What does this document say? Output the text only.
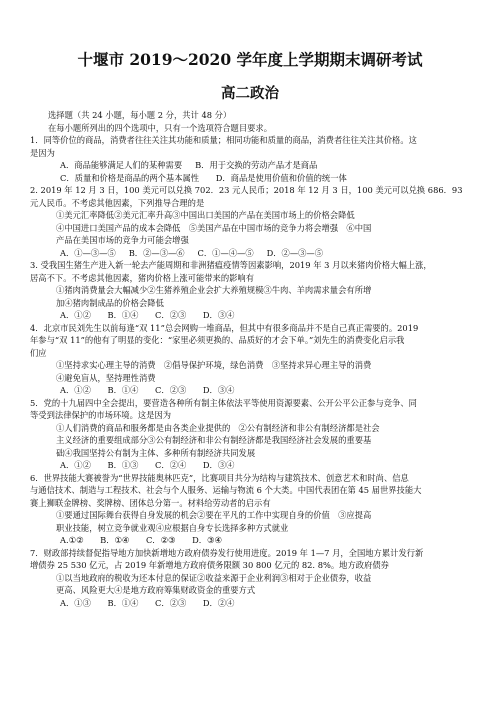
十堰市 2019～2020 学年度上学期期末调研考试
高二政治
选择题（共 24 小题，每小题 2 分，共计 48 分）
在每小题所列出的四个选项中，只有一个选项符合题目要求。
1．同等价位的商品，消费者往往关注其功能和质量；相同功能和质量的商品，消费者往往关注其价格。这
是因为
A．商品能够满足人们的某种需要　 B．用于交换的劳动产品才是商品
C．质量和价格是商品的两个基本属性　　D．商品是使用价值和价值的统一体
2. 2019 年 12 月 3 日，100 美元可以兑换 702．23 元人民币；2018 年 12 月 3 日，100 美元可以兑换 686．93
元人民币。不考虑其他因素，下列推导合理的是
①美元汇率降低②美元汇率升高③中国出口美国的产品在美国市场上的价格会降低
④中国进口美国产品的成本会降低　⑤美国产品在中国市场的竞争力将会增强　⑥中国
产品在美国市场的竞争力可能会增强
A．①—③—⑤　 B．②—③—⑥　 C．①—④—⑤　 D．②—③—⑤
3. 受我国生猪生产进入新一轮去产能周期和非洲猪瘟疫情等因素影响，2019 年 3 月以来猪肉价格大幅上涨，
居高不下。不考虑其他因素，猪肉价格上涨可能带来的影响有
①猪肉消费量会大幅减少②生猪养殖企业会扩大养殖规模③牛肉、羊肉需求量会有所增
加④猪肉制成品的价格会降低
A．①②　　B．①④　　C．②③　　D．③④
4．北京市民刘先生以前每逢“双 11”总会网购一堆商品，但其中有很多商品并不是自己真正需要的。2019
年参与“双 11”的他有了明显的变化：“家里必须更换的、品质好的才会下单。”刘先生的消费变化启示我
们应
①坚持求实心理主导的消费　②倡导保护环境，绿色消费　③坚持求异心理主导的消费
④避免盲从，坚持理性消费
A．①②　　B．①④　　C．②③　　D．③④
5．党的十九届四中全会提出，要营造各种所有制主体依法平等使用资源要素、公开公平公正参与竞争、同
等受到法律保护的市场环境。这是因为
①人们消费的商品和服务都是由各类企业提供的　②公有制经济和非公有制经济都是社会
主义经济的重要组成部分③公有制经济和非公有制经济都是我国经济社会发展的重要基
础④我国坚持公有制为主体、多种所有制经济共同发展
A．①②　　B．①③　　C．②④　　D．③④
6．世界技能大赛被誉为“世界技能奥林匹克”，比赛项目共分为结构与建筑技术、创意艺术和时尚、信息
与通信技术、制造与工程技术、社会与个人服务、运输与物流 6 个大类。中国代表团在第 45 届世界技能大
赛上狮联金牌榜、奖牌榜、团体总分第一。材料给劳动者的启示有
①要通过国际舞台获得自身发展的机会②要在平凡的工作中实现自身的价值　③应提高
职业技能，树立竞争就业观④应根据自身专长选择多种方式就业
A.①②　　B．①④　　C．②③　　D．③④
7．财政部持续督促指导地方加快新增地方政府债券发行使用进度。2019 年 1—7 月，全国地方累计发行新
增债券 25 530 亿元，占 2019 年新增地方政府债务限额 30 800 亿元的 82. 8%。地方政府债券
①以当地政府的税收为还本付息的保证②收益来源于企业利润③相对于企业债券，收益
更高、风险更大④是地方政府筹集财政资金的重要方式
A．①③　　B．①④　　C．②③　　D．②④
